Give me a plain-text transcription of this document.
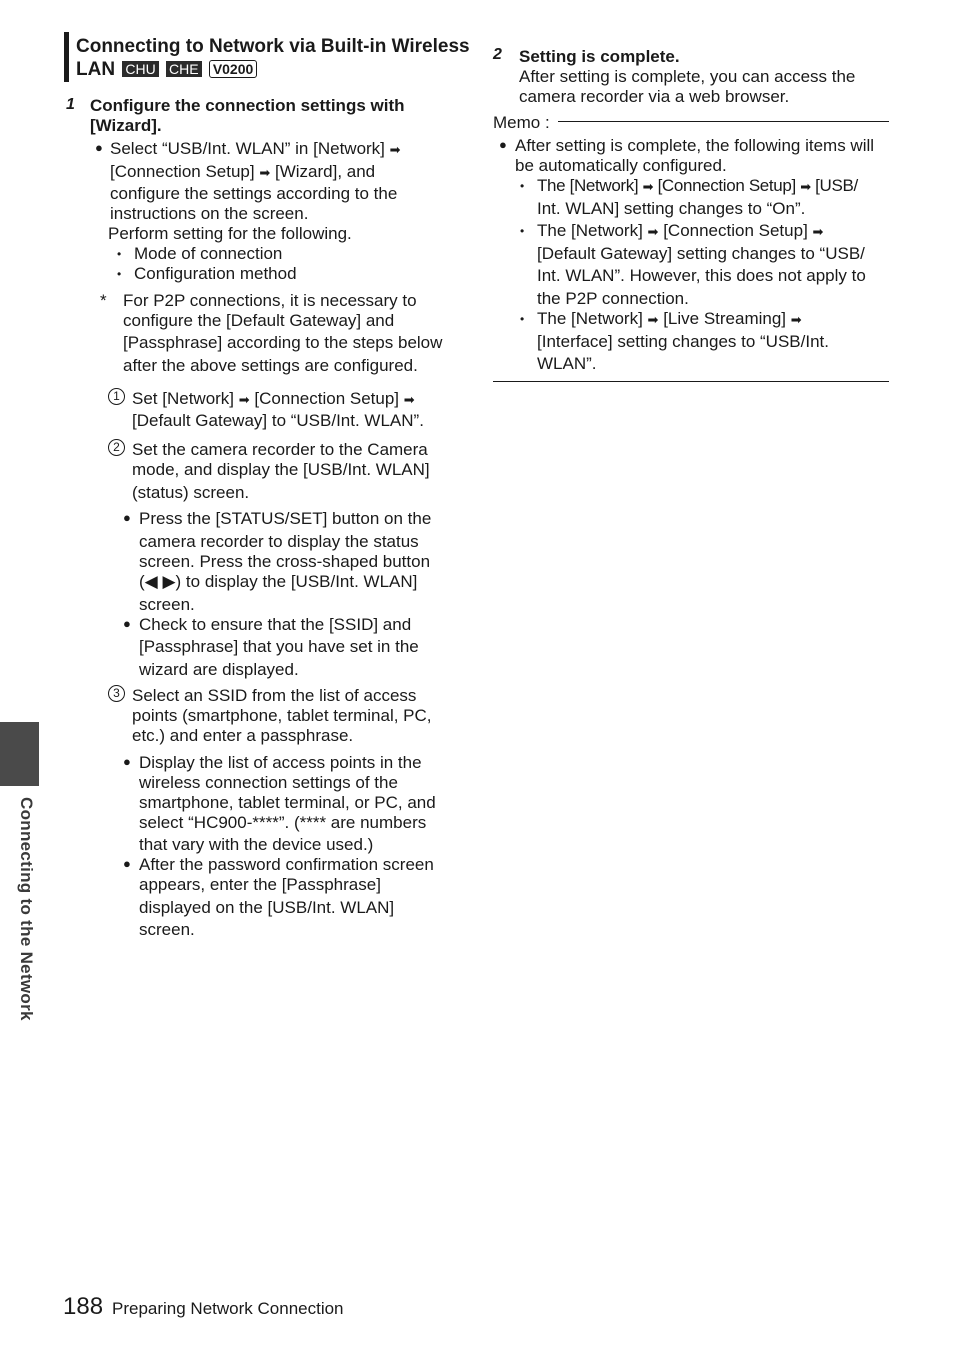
Connecting to Network via Built-in Wireless LAN CHU CHE V0200
1 Configure the connection settings with [Wizard].
● Select “USB/Int. WLAN” in [Network] ➡
[Connection Setup] ➡ [Wizard], and
configure the settings according to the
instructions on the screen.
Perform setting for the following.
• Mode of connection
• Configuration method
* For P2P connections, it is necessary to
configure the [Default Gateway] and
[Passphrase] according to the steps below
after the above settings are configured.
1 Set [Network] ➡ [Connection Setup] ➡
[Default Gateway] to “USB/Int. WLAN”.
2 Set the camera recorder to the Camera
mode, and display the [USB/Int. WLAN]
(status) screen.
● Press the [STATUS/SET] button on the
camera recorder to display the status
screen. Press the cross-shaped button
(◀ ▶) to display the [USB/Int. WLAN]
screen.
● Check to ensure that the [SSID] and
[Passphrase] that you have set in the
wizard are displayed.
3 Select an SSID from the list of access
points (smartphone, tablet terminal, PC,
etc.) and enter a passphrase.
● Display the list of access points in the
wireless connection settings of the
smartphone, tablet terminal, or PC, and
select “HC900-****”. (**** are numbers
that vary with the device used.)
● After the password confirmation screen
appears, enter the [Passphrase]
displayed on the [USB/Int. WLAN]
screen.
2 Setting is complete.
After setting is complete, you can access the
camera recorder via a web browser.
Memo :
● After setting is complete, the following items will
be automatically configured.
• The [Network] ➡ [Connection Setup] ➡ [USB/
Int. WLAN] setting changes to “On”.
• The [Network] ➡ [Connection Setup] ➡
[Default Gateway] setting changes to “USB/
Int. WLAN”. However, this does not apply to
the P2P connection.
• The [Network] ➡ [Live Streaming] ➡
[Interface] setting changes to “USB/Int.
WLAN”.
Connecting to the Network
188 Preparing Network Connection
